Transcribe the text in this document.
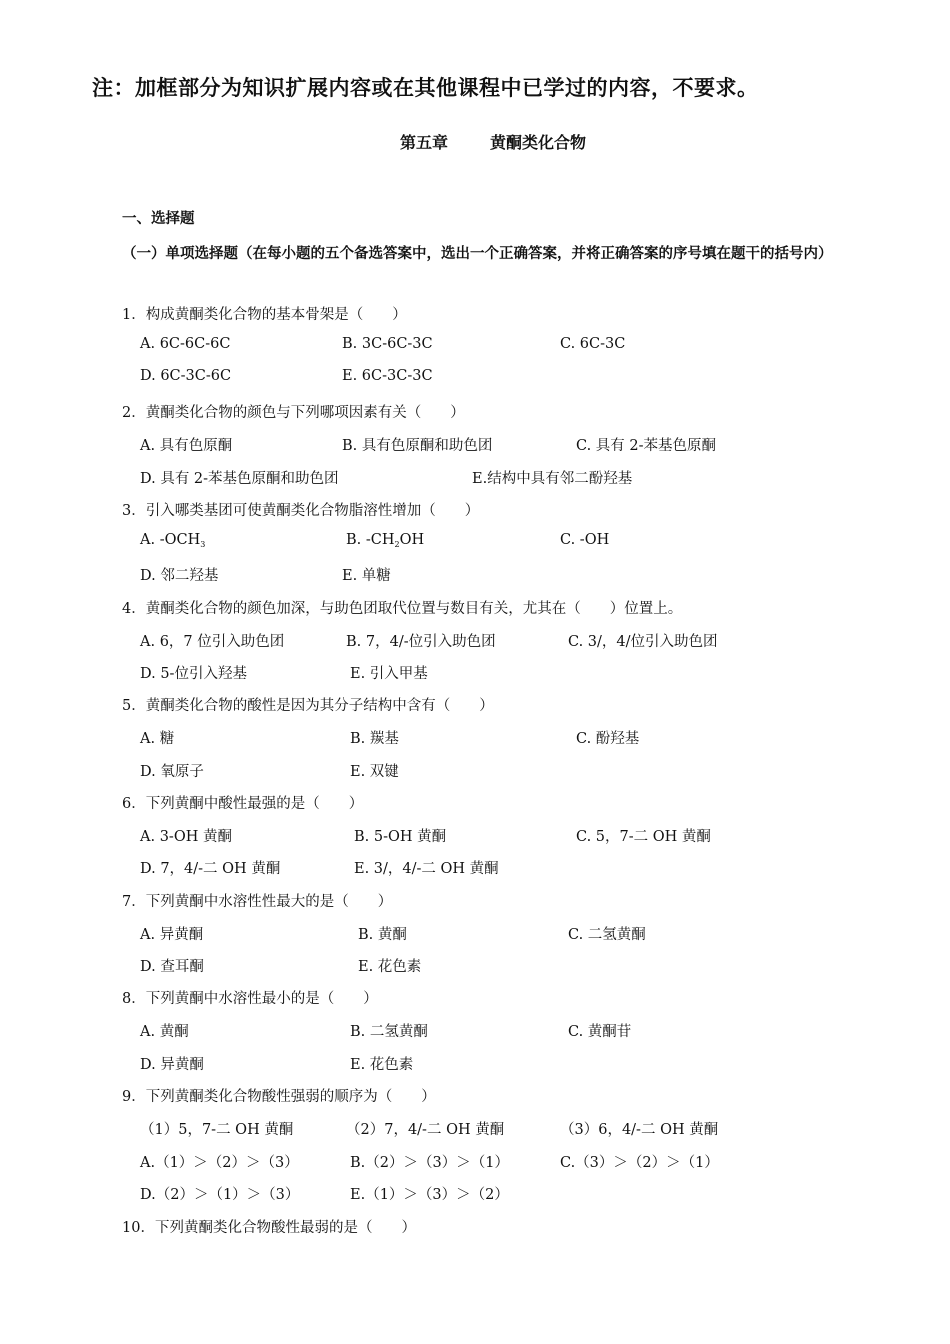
注：加框部分为知识扩展内容或在其他课程中已学过的内容，不要求。
第五章	黄酮类化合物
一、选择题
（一）单项选择题（在每小题的五个备选答案中，选出一个正确答案，并将正确答案的序号填在题干的括号内）
1．构成黄酮类化合物的基本骨架是（　　）
A. 6C-6C-6C	B. 3C-6C-3C	C. 6C-3C
D. 6C-3C-6C	E. 6C-3C-3C
2．黄酮类化合物的颜色与下列哪项因素有关（　　）
A. 具有色原酮	B. 具有色原酮和助色团	C. 具有 2-苯基色原酮
D. 具有 2-苯基色原酮和助色团	E.结构中具有邻二酚羟基
3．引入哪类基团可使黄酮类化合物脂溶性增加（　　）
A. $-OCH_3$	B. $-CH_2OH$	C. -OH
D. 邻二羟基	E. 单糖
4．黄酮类化合物的颜色加深，与助色团取代位置与数目有关，尤其在（　　）位置上。
A. 6，7 位引入助色团	B. 7，4/-位引入助色团	C. 3/，4/位引入助色团
D. 5-位引入羟基	E. 引入甲基
5．黄酮类化合物的酸性是因为其分子结构中含有（　　）
A. 糖	B. 羰基	C. 酚羟基
D. 氧原子	E. 双键
6．下列黄酮中酸性最强的是（　　）
A. 3-OH 黄酮	B. 5-OH 黄酮	C. 5，7-二 OH 黄酮
D. 7，4/-二 OH 黄酮	E. 3/，4/-二 OH 黄酮
7．下列黄酮中水溶性性最大的是（　　）
A. 异黄酮	B. 黄酮	C. 二氢黄酮
D. 查耳酮	E. 花色素
8．下列黄酮中水溶性最小的是（　　）
A. 黄酮	B. 二氢黄酮	C. 黄酮苷
D. 异黄酮	E. 花色素
9．下列黄酮类化合物酸性强弱的顺序为（　　）
（1）5，7-二 OH 黄酮	（2）7，4/-二 OH 黄酮	（3）6，4/-二 OH 黄酮
A.（1）＞（2）＞（3）	B.（2）＞（3）＞（1）	C.（3）＞（2）＞（1）
D.（2）＞（1）＞（3）	E.（1）＞（3）＞（2）
10．下列黄酮类化合物酸性最弱的是（　　）
